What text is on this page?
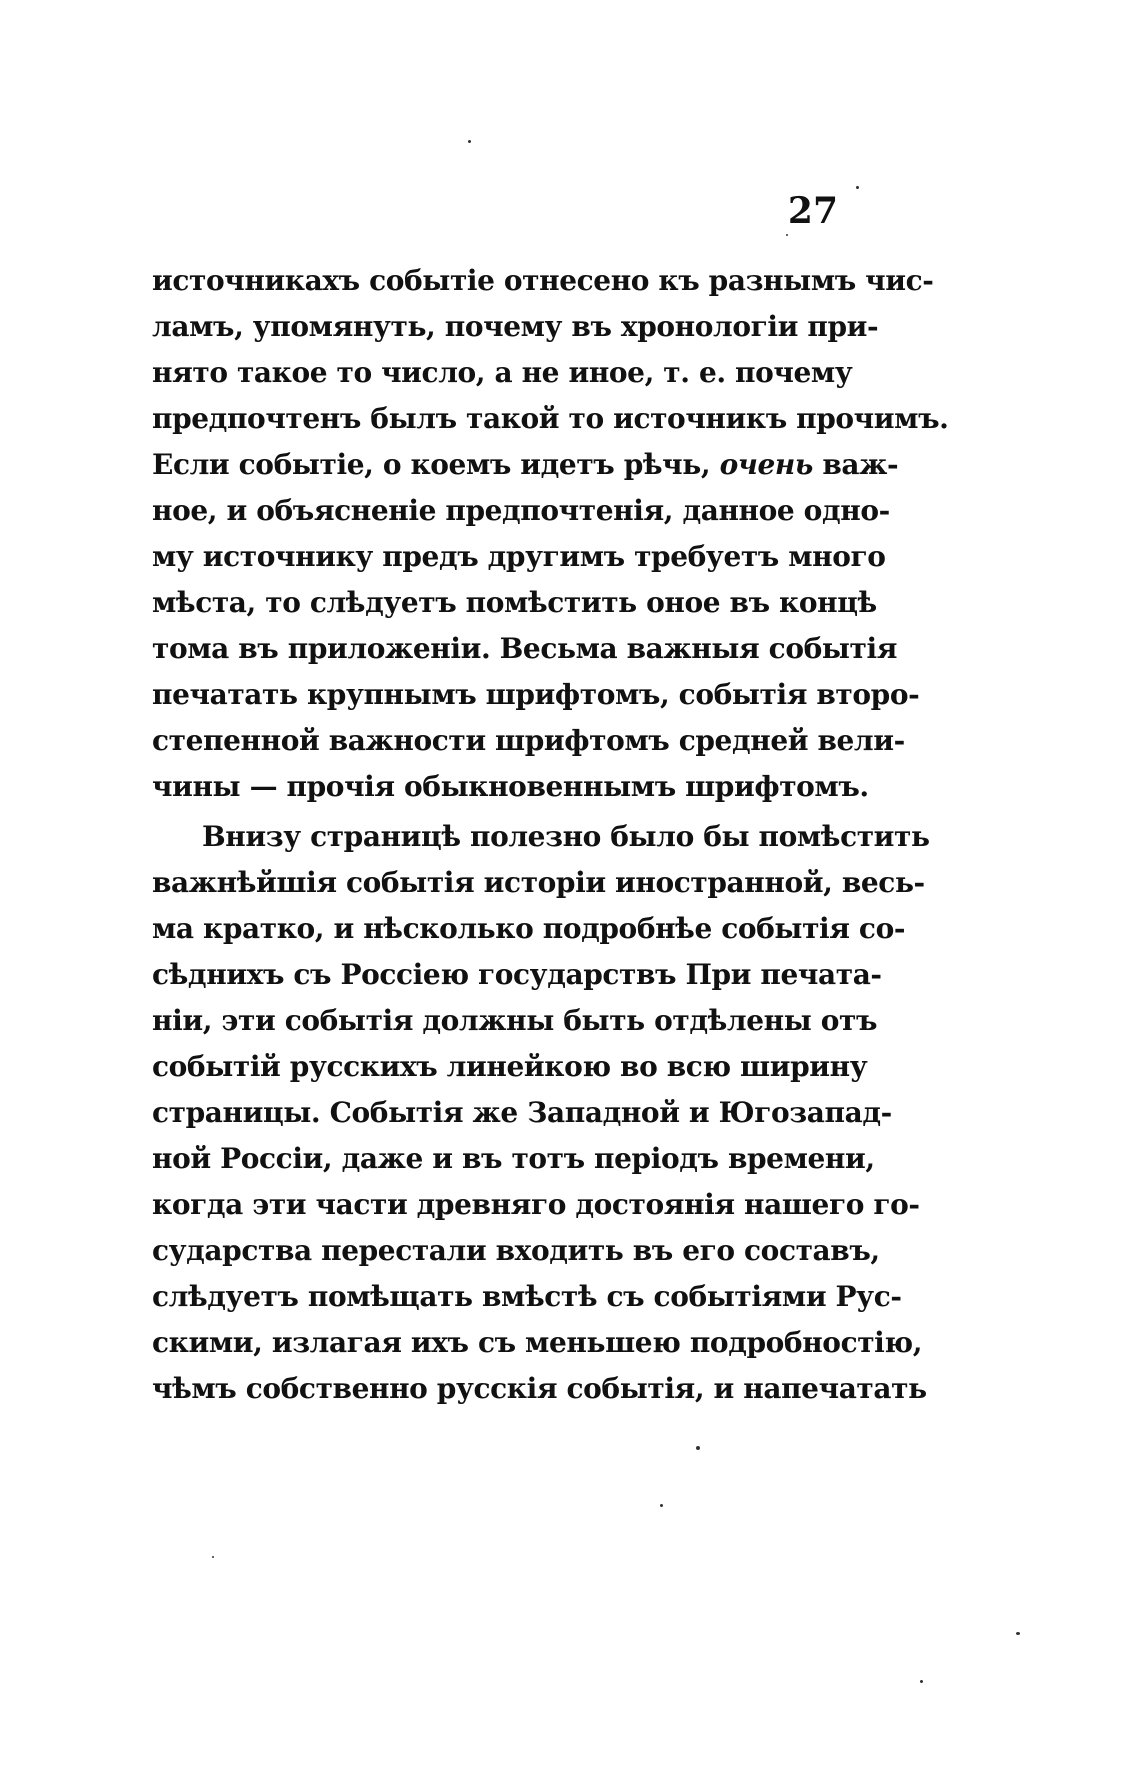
27
источникахъ событіе отнесено къ разнымъ чис-
ламъ, упомянуть, почему въ хронологіи при-
нято такое то число, а не иное, т. е. почему
предпочтенъ былъ такой то источникъ прочимъ.
Если событіе, о коемъ идетъ рѣчь, очень важ-
ное, и объясненіе предпочтенія, данное одно-
му источнику предъ другимъ требуетъ много
мѣста, то слѣдуетъ помѣстить оное въ концѣ
тома въ приложеніи. Весьма важныя событія
печатать крупнымъ шрифтомъ, событія второ-
степенной важности шрифтомъ средней вели-
чины — прочія обыкновеннымъ шрифтомъ.
Внизу страницѣ полезно было бы помѣстить
важнѣйшія событія исторіи иностранной, весь-
ма кратко, и нѣсколько подробнѣе событія со-
сѣднихъ съ Россіею государствъ При печата-
ніи, эти событія должны быть отдѣлены отъ
событій русскихъ линейкою во всю ширину
страницы. Событія же Западной и Югозапад-
ной Россіи, даже и въ тотъ періодъ времени,
когда эти части древняго достоянія нашего го-
сударства перестали входить въ его составъ,
слѣдуетъ помѣщать вмѣстѣ съ событіями Рус-
скими, излагая ихъ съ меньшею подробностію,
чѣмъ собственно русскія событія, и напечатать
